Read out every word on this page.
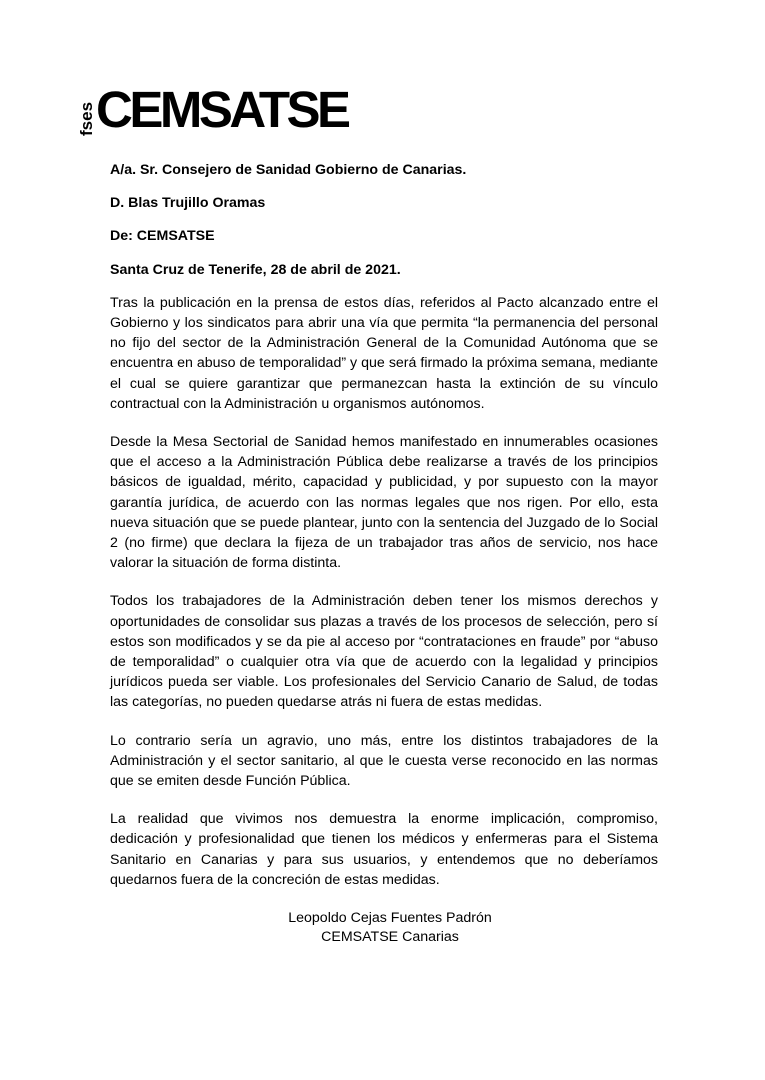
fses CEMSATSE

A/a. Sr. Consejero de Sanidad Gobierno de Canarias.

D. Blas Trujillo Oramas

De: CEMSATSE

Santa Cruz de Tenerife, 28 de abril de 2021.

Tras la publicación en la prensa de estos días, referidos al Pacto alcanzado entre el Gobierno y los sindicatos para abrir una vía que permita “la permanencia del personal no fijo del sector de la Administración General de la Comunidad Autónoma que se encuentra en abuso de temporalidad” y que será firmado la próxima semana, mediante el cual se quiere garantizar que permanezcan hasta la extinción de su vínculo contractual con la Administración u organismos autónomos.

Desde la Mesa Sectorial de Sanidad hemos manifestado en innumerables ocasiones que el acceso a la Administración Pública debe realizarse a través de los principios básicos de igualdad, mérito, capacidad y publicidad, y por supuesto con la mayor garantía jurídica, de acuerdo con las normas legales que nos rigen. Por ello, esta nueva situación que se puede plantear, junto con la sentencia del Juzgado de lo Social 2 (no firme) que declara la fijeza de un trabajador tras años de servicio, nos hace valorar la situación de forma distinta.

Todos los trabajadores de la Administración deben tener los mismos derechos y oportunidades de consolidar sus plazas a través de los procesos de selección, pero sí estos son modificados y se da pie al acceso por “contrataciones en fraude” por “abuso de temporalidad” o cualquier otra vía que de acuerdo con la legalidad y principios jurídicos pueda ser viable. Los profesionales del Servicio Canario de Salud, de todas las categorías, no pueden quedarse atrás ni fuera de estas medidas.

Lo contrario sería un agravio, uno más, entre los distintos trabajadores de la Administración y el sector sanitario, al que le cuesta verse reconocido en las normas que se emiten desde Función Pública.

La realidad que vivimos nos demuestra la enorme implicación, compromiso, dedicación y profesionalidad que tienen los médicos y enfermeras para el Sistema Sanitario en Canarias y para sus usuarios, y entendemos que no deberíamos quedarnos fuera de la concreción de estas medidas.

Leopoldo Cejas Fuentes Padrón
CEMSATSE Canarias
